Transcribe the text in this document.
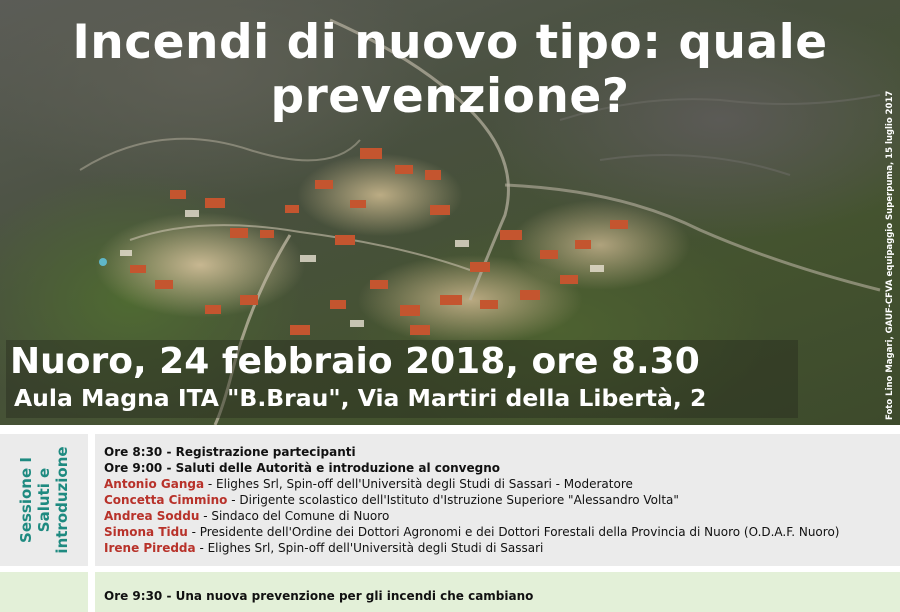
Incendi di nuovo tipo: quale
prevenzione?
Nuoro, 24 febbraio 2018, ore 8.30
Aula Magna ITA "B.Brau", Via Martiri della Libertà, 2	Foto Lino Magari, GAUF-CFVA equipaggio Superpuma, 15 luglio 2017
Sessione I
Saluti e
introduzione	Ore 8:30 - Registrazione partecipanti
Ore 9:00 - Saluti delle Autorità e introduzione al convegno
Antonio Ganga - Elighes Srl, Spin-off dell'Università degli Studi di Sassari - Moderatore
Concetta Cimmino - Dirigente scolastico dell'Istituto d'Istruzione Superiore "Alessandro Volta"
Andrea Soddu - Sindaco del Comune di Nuoro
Simona Tidu - Presidente dell'Ordine dei Dottori Agronomi e dei Dottori Forestali della Provincia di Nuoro (O.D.A.F. Nuoro)
Irene Piredda - Elighes Srl, Spin-off dell'Università degli Studi di Sassari
Ore 9:30 - Una nuova prevenzione per gli incendi che cambiano
